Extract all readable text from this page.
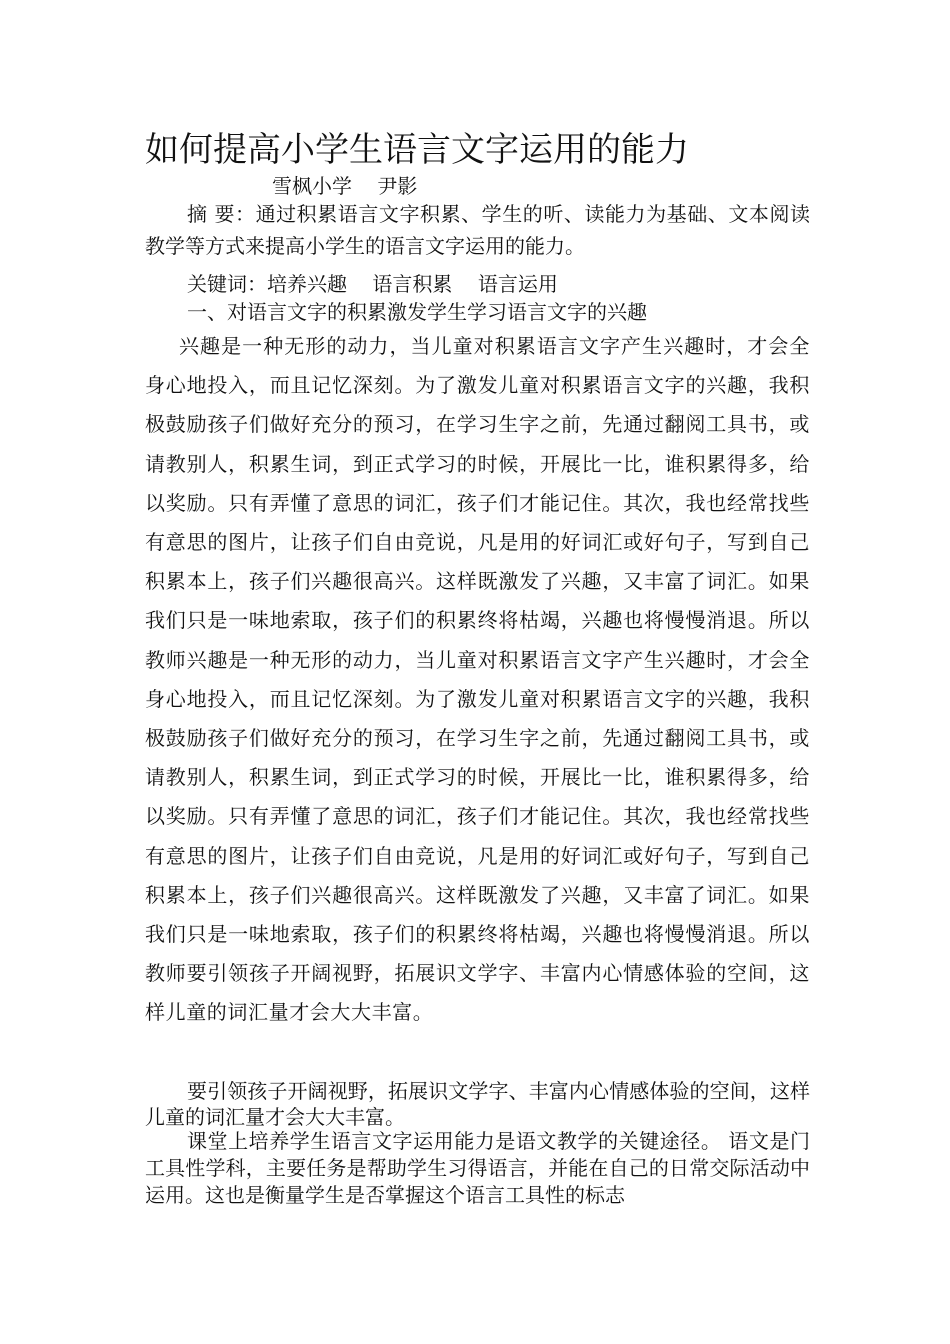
如何提高小学生语言文字运用的能力
雪枫小学    尹影

摘 要：通过积累语言文字积累、学生的听、读能力为基础、文本阅读教学等方式来提高小学生的语言文字运用的能力。

关键词：培养兴趣    语言积累    语言运用
一、对语言文字的积累激发学生学习语言文字的兴趣

兴趣是一种无形的动力，当儿童对积累语言文字产生兴趣时，才会全身心地投入，而且记忆深刻。为了激发儿童对积累语言文字的兴趣，我积极鼓励孩子们做好充分的预习，在学习生字之前，先通过翻阅工具书，或请教别人，积累生词，到正式学习的时候，开展比一比，谁积累得多，给以奖励。只有弄懂了意思的词汇，孩子们才能记住。其次，我也经常找些有意思的图片，让孩子们自由竞说，凡是用的好词汇或好句子，写到自己积累本上，孩子们兴趣很高兴。这样既激发了兴趣，又丰富了词汇。如果我们只是一味地索取，孩子们的积累终将枯竭，兴趣也将慢慢消退。所以教师兴趣是一种无形的动力，当儿童对积累语言文字产生兴趣时，才会全身心地投入，而且记忆深刻。为了激发儿童对积累语言文字的兴趣，我积极鼓励孩子们做好充分的预习，在学习生字之前，先通过翻阅工具书，或请教别人，积累生词，到正式学习的时候，开展比一比，谁积累得多，给以奖励。只有弄懂了意思的词汇，孩子们才能记住。其次，我也经常找些有意思的图片，让孩子们自由竞说，凡是用的好词汇或好句子，写到自己积累本上，孩子们兴趣很高兴。这样既激发了兴趣，又丰富了词汇。如果我们只是一味地索取，孩子们的积累终将枯竭，兴趣也将慢慢消退。所以教师要引领孩子开阔视野，拓展识文学字、丰富内心情感体验的空间，这样儿童的词汇量才会大大丰富。

要引领孩子开阔视野，拓展识文学字、丰富内心情感体验的空间，这样儿童的词汇量才会大大丰富。

课堂上培养学生语言文字运用能力是语文教学的关键途径。 语文是门工具性学科，主要任务是帮助学生习得语言，并能在自己的日常交际活动中运用。这也是衡量学生是否掌握这个语言工具性的标志
